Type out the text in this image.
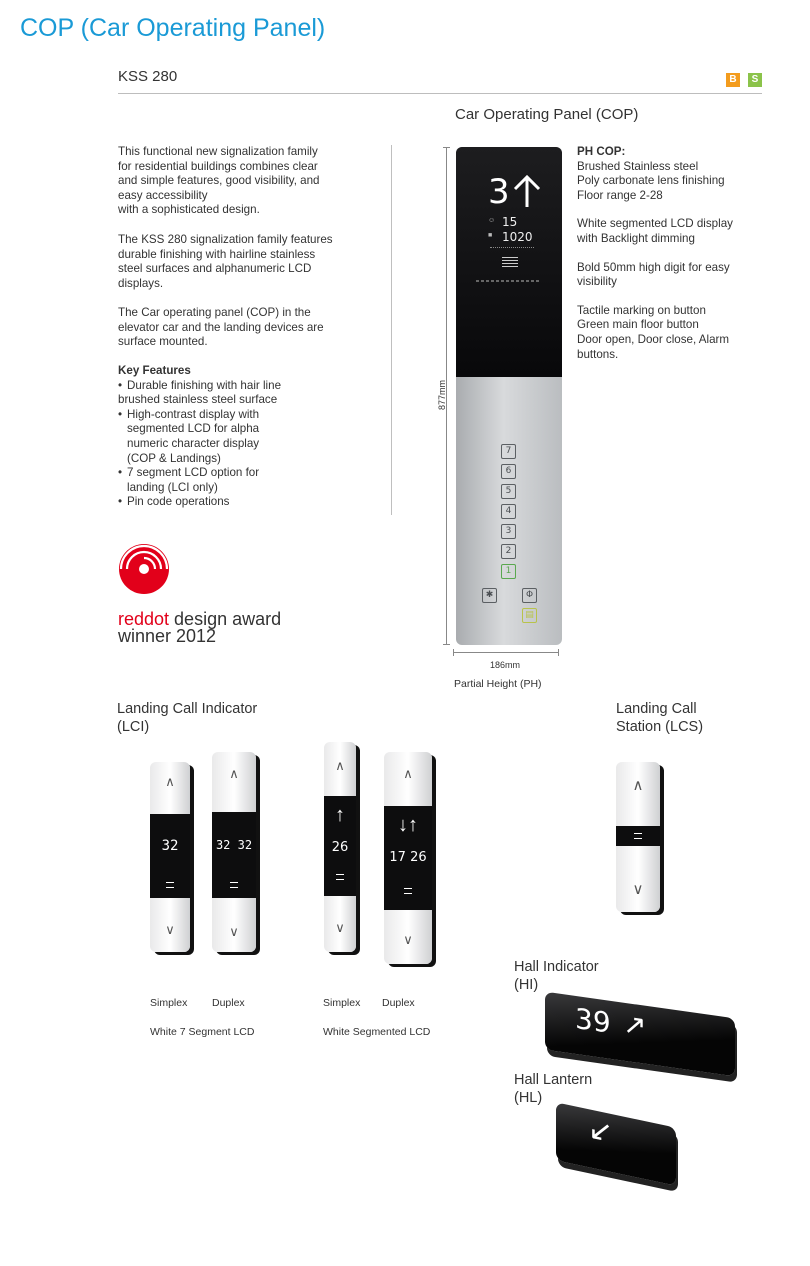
COP (Car Operating Panel)
KSS 280	B	S
Car Operating Panel (COP)

This functional new signalization family

for residential buildings combines clear

and simple features, good visibility, and

easy accessibility

with a sophisticated design.

The KSS 280 signalization family features

durable finishing with hairline stainless

steel surfaces and alphanumeric LCD

displays.

The Car operating panel (COP) in the

elevator car and the landing devices are

surface mounted.

Key Features

• Durable finishing with hair line
brushed stainless steel surface
• High-contrast display with
segmented LCD for alpha
numeric character display
(COP & Landings)
• 7 segment LCD option for
landing (LCI only)
• Pin code operations
reddot design award
winner 2012
877mm
186mm
Partial Height (PH)
3
☺ 15
■ 1020
7
6
5
4
3
2
1
✱	Φ
▤

PH COP:

Brushed Stainless steel

Poly carbonate lens finishing

Floor range 2-28

White segmented LCD display

with Backlight dimming

Bold 50mm high digit for easy

visibility

Tactile marking on button

Green main floor button

Door open, Door close, Alarm

buttons.

Landing Call Indicator
(LCI)
32
∧
∨
32 32
∧
∨
↑
26
∧
∨
↓↑
17 26
∧
∨
Simplex Duplex
White 7 Segment LCD
Simplex Duplex
White Segmented LCD
Landing Call
Station (LCS)
∧
∨
Hall Indicator
(HI)
39 ↗
Hall Lantern
(HL)
↙
